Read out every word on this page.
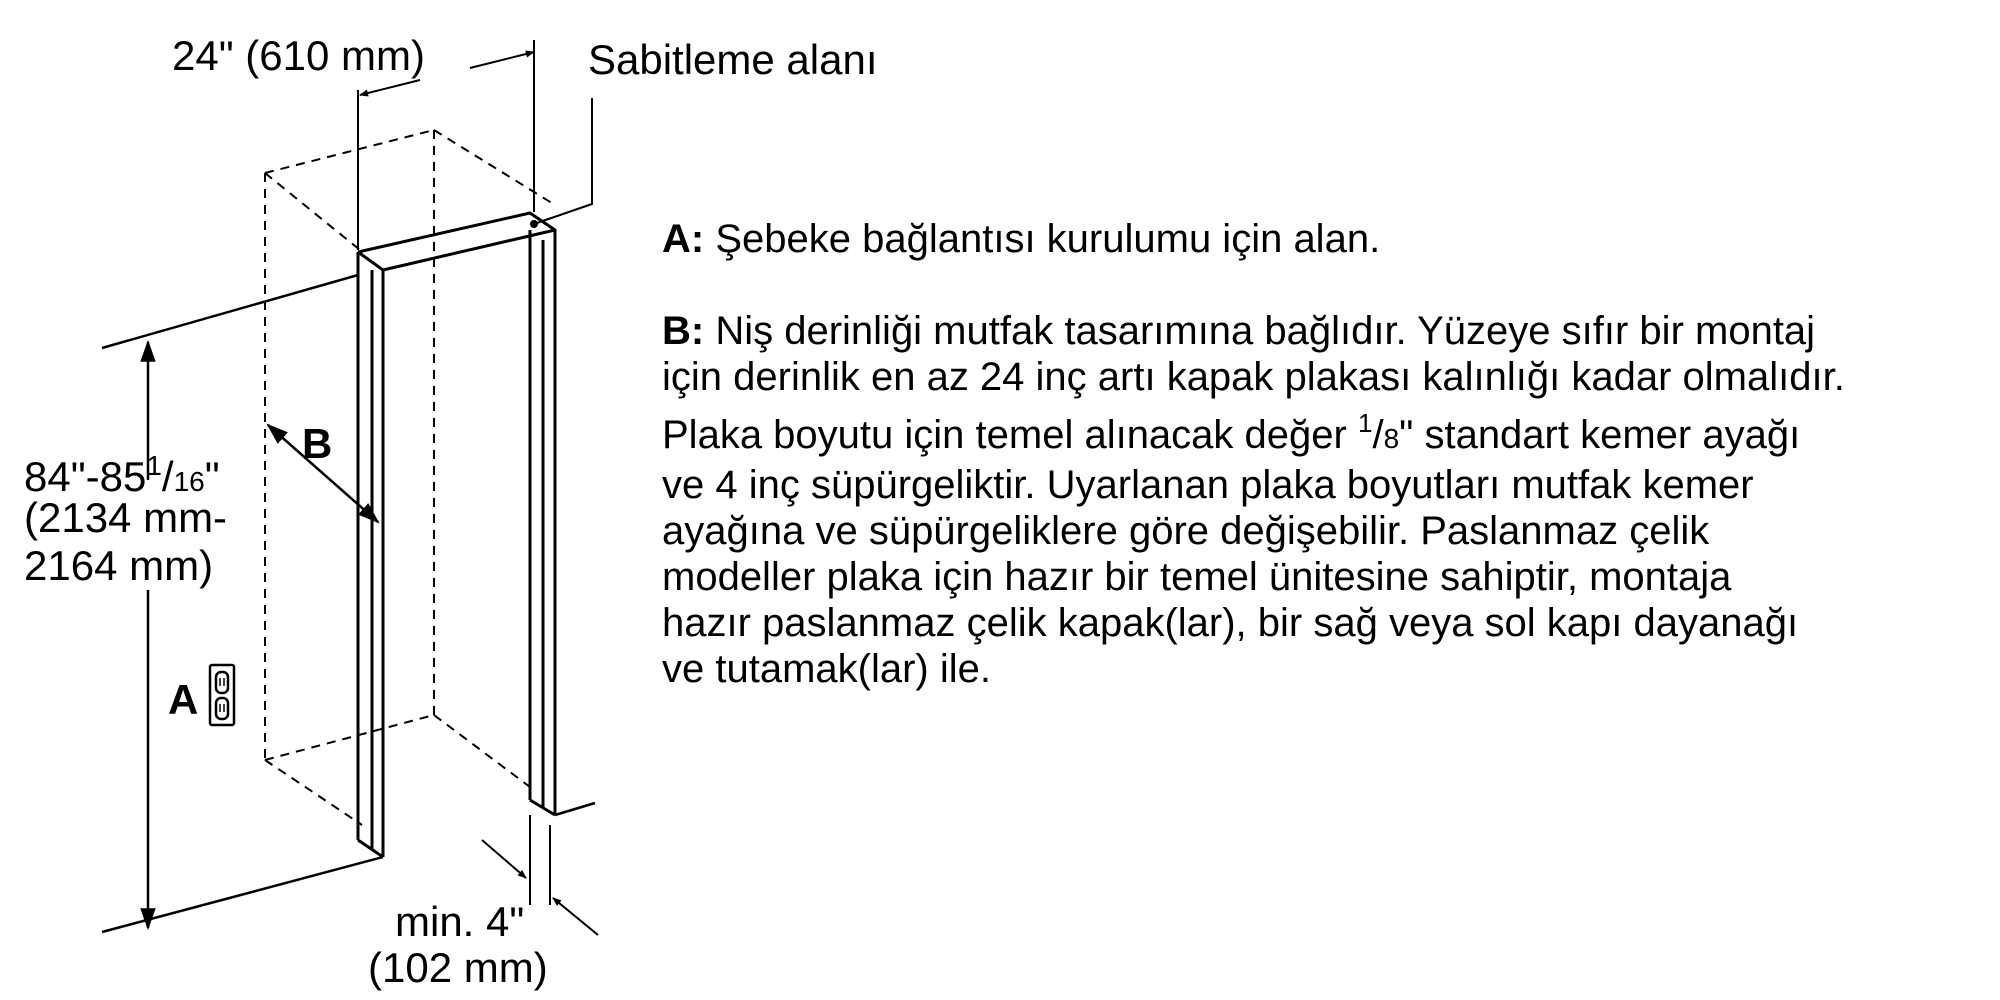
24" (610 mm)	Sabitleme alanı
$84"-85^1/16$"
(2134 mm-
2164 mm)
B
A
min. 4"
(102 mm)

A: Şebeke bağlantısı kurulumu için alan.

B: Niş derinliği mutfak tasarımına bağlıdır. Yüzeye sıfır bir montaj
için derinlik en az 24 inç artı kapak plakası kalınlığı kadar olmalıdır.
Plaka boyutu için temel alınacak değer $^1$/8" standart kemer ayağı
ve 4 inç süpürgeliktir. Uyarlanan plaka boyutları mutfak kemer
ayağına ve süpürgeliklere göre değişebilir. Paslanmaz çelik
modeller plaka için hazır bir temel ünitesine sahiptir, montaja
hazır paslanmaz çelik kapak(lar), bir sağ veya sol kapı dayanağı
ve tutamak(lar) ile.
